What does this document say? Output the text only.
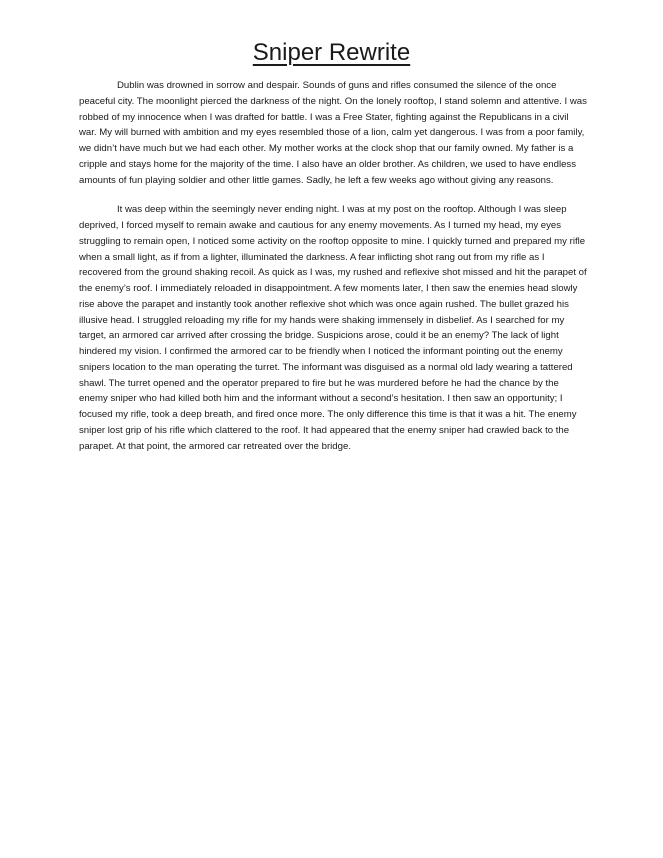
Sniper Rewrite

Dublin was drowned in sorrow and despair. Sounds of guns and rifles consumed the silence of the once peaceful city. The moonlight pierced the darkness of the night. On the lonely rooftop, I stand solemn and attentive. I was robbed of my innocence when I was drafted for battle. I was a Free Stater, fighting against the Republicans in a civil war. My will burned with ambition and my eyes resembled those of a lion, calm yet dangerous. I was from a poor family, we didn’t have much but we had each other. My mother works at the clock shop that our family owned. My father is a cripple and stays home for the majority of the time. I also have an older brother. As children, we used to have endless amounts of fun playing soldier and other little games. Sadly, he left a few weeks ago without giving any reasons.

It was deep within the seemingly never ending night. I was at my post on the rooftop. Although I was sleep deprived, I forced myself to remain awake and cautious for any enemy movements. As I turned my head, my eyes struggling to remain open, I noticed some activity on the rooftop opposite to mine. I quickly turned and prepared my rifle when a small light, as if from a lighter, illuminated the darkness. A fear inflicting shot rang out from my rifle as I recovered from the ground shaking recoil. As quick as I was, my rushed and reflexive shot missed and hit the parapet of the enemy’s roof. I immediately reloaded in disappointment. A few moments later, I then saw the enemies head slowly rise above the parapet and instantly took another reflexive shot which was once again rushed. The bullet grazed his illusive head. I struggled reloading my rifle for my hands were shaking immensely in disbelief. As I searched for my target, an armored car arrived after crossing the bridge. Suspicions arose, could it be an enemy? The lack of light hindered my vision. I confirmed the armored car to be friendly when I noticed the informant pointing out the enemy snipers location to the man operating the turret. The informant was disguised as a normal old lady wearing a tattered shawl. The turret opened and the operator prepared to fire but he was murdered before he had the chance by the enemy sniper who had killed both him and the informant without a second’s hesitation. I then saw an opportunity; I focused my rifle, took a deep breath, and fired once more. The only difference this time is that it was a hit. The enemy sniper lost grip of his rifle which clattered to the roof. It had appeared that the enemy sniper had crawled back to the parapet. At that point, the armored car retreated over the bridge.
